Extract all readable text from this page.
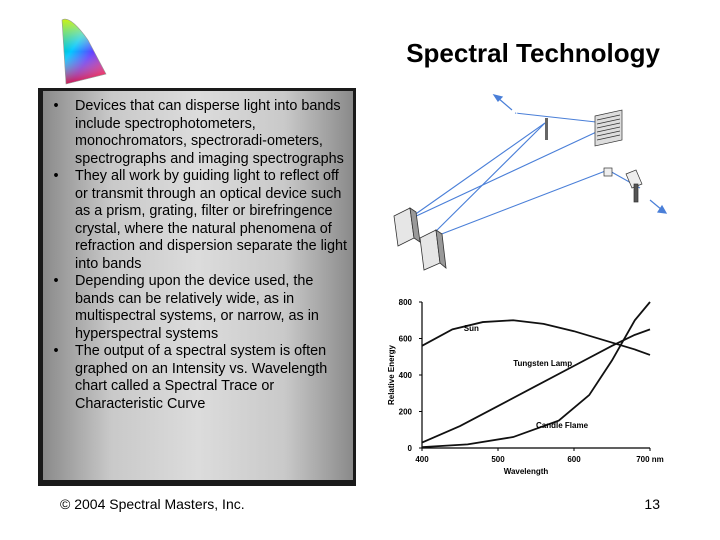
Spectral Technology
• Devices that can disperse light into bands include spectrophotometers, monochromators, spectroradi-ometers, spectrographs and imaging spectrographs
• They all work by guiding light to reflect off or transmit through an optical device such as a prism, grating, filter or birefringence crystal, where the natural phenomena of refraction and dispersion separate the light into bands
• Depending upon the device used, the bands can be relatively wide, as in multispectral systems, or narrow, as in hyperspectral systems
• The output of a spectral system is often graphed on an Intensity vs. Wavelength chart called a Spectral Trace or Characteristic Curve
400	500	600	700 nm
0
200
400
600
800
Sun
Tungsten Lamp
Candle Flame
Wavelength
Relative Energy
© 2004 Spectral Masters, Inc.	13
